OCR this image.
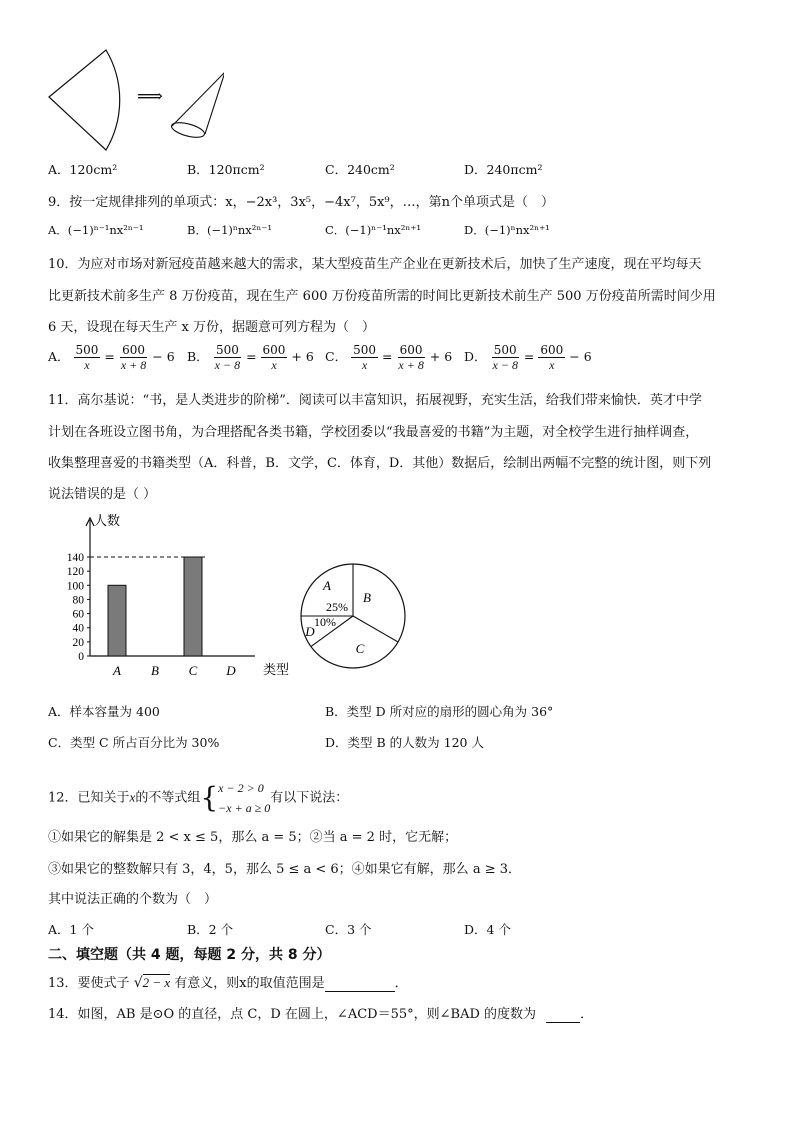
⟹
A．120cm²	B．120πcm²	C．240cm²	D．240πcm²
9．按一定规律排列的单项式：x，−2x³，3x⁵，−4x⁷，5x⁹，…，第n个单项式是（　）
A．(−1)ⁿ⁻¹nx²ⁿ⁻¹	B．(−1)ⁿnx²ⁿ⁻¹	C．(−1)ⁿ⁻¹nx²ⁿ⁺¹	D．(−1)ⁿnx²ⁿ⁺¹
10．为应对市场对新冠疫苗越来越大的需求，某大型疫苗生产企业在更新技术后，加快了生产速度，现在平均每天
比更新技术前多生产 8 万份疫苗，现在生产 600 万份疫苗所需的时间比更新技术前生产 500 万份疫苗所需时间少用
6 天，设现在每天生产 x 万份，据题意可列方程为（　）
A． $\frac{500}{x} = \frac{600}{x + 8} - 6$ B． $\frac{500}{x - 8} = \frac{600}{x} + 6$ C． $\frac{500}{x} = \frac{600}{x + 8} + 6$ D． $\frac{500}{x - 8} = \frac{600}{x} - 6$
11．高尔基说：“书，是人类进步的阶梯”．阅读可以丰富知识，拓展视野，充实生活，给我们带来愉快．英才中学
计划在各班设立图书角，为合理搭配各类书籍，学校团委以“我最喜爱的书籍”为主题，对全校学生进行抽样调查，
收集整理喜爱的书籍类型（A．科普，B．文学，C．体育，D．其他）数据后，绘制出两幅不完整的统计图，则下列
说法错误的是（ ）
人数
类型
0
20
40
60
80
100
120
140
A B C D
A
B
C
D
25%
10%
A．样本容量为 400	B．类型 D 所对应的扇形的圆心角为 36°
C．类型 C 所占百分比为 30%	D．类型 B 的人数为 120 人
12．已知关于x的不等式组{ x − 2 > 0
−x + a ≥ 0
有以下说法：
①如果它的解集是 2 < x ≤ 5，那么 a = 5；②当 a = 2 时，它无解；
③如果它的整数解只有 3，4，5，那么 5 ≤ a < 6；④如果它有解，那么 a ≥ 3．
其中说法正确的个数为（　）
A．1 个	B．2 个	C．3 个	D．4 个
二、填空题（共 4 题，每题 2 分，共 8 分）
13．要使式子 √2 − x 有意义，则x的取值范围是	．
14．如图，AB 是⊙O 的直径，点 C，D 在圆上，∠ACD＝55°，则∠BAD 的度数为	．
